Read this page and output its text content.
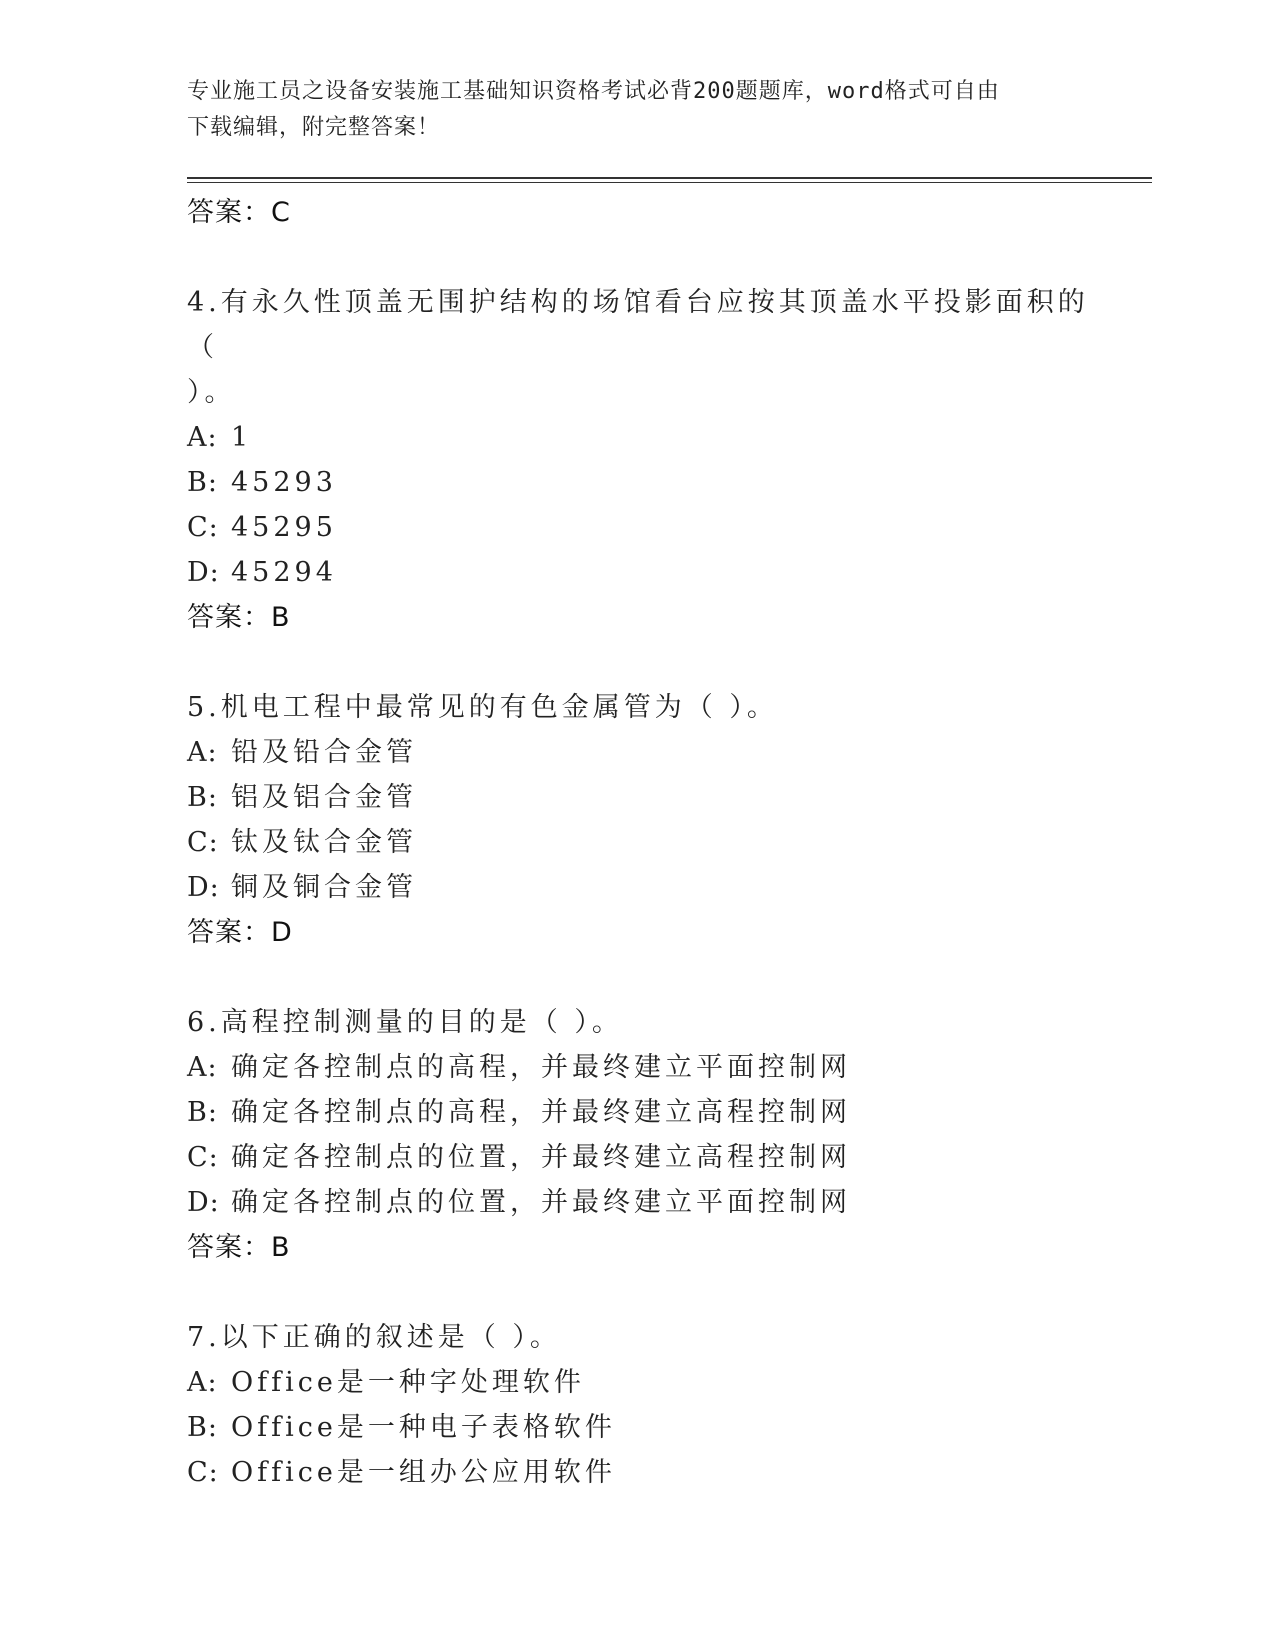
专业施工员之设备安装施工基础知识资格考试必背200题题库，word格式可自由
下载编辑，附完整答案！
答案：C
4.有永久性顶盖无围护结构的场馆看台应按其顶盖水平投影面积的（
）。
A: 1
B: 45293
C: 45295
D: 45294
答案：B
5.机电工程中最常见的有色金属管为（ ）。
A: 铅及铅合金管
B: 铝及铝合金管
C: 钛及钛合金管
D: 铜及铜合金管
答案：D
6.高程控制测量的目的是（ ）。
A: 确定各控制点的高程，并最终建立平面控制网
B: 确定各控制点的高程，并最终建立高程控制网
C: 确定各控制点的位置，并最终建立高程控制网
D: 确定各控制点的位置，并最终建立平面控制网
答案：B
7.以下正确的叙述是（ ）。
A: Office是一种字处理软件
B: Office是一种电子表格软件
C: Office是一组办公应用软件
